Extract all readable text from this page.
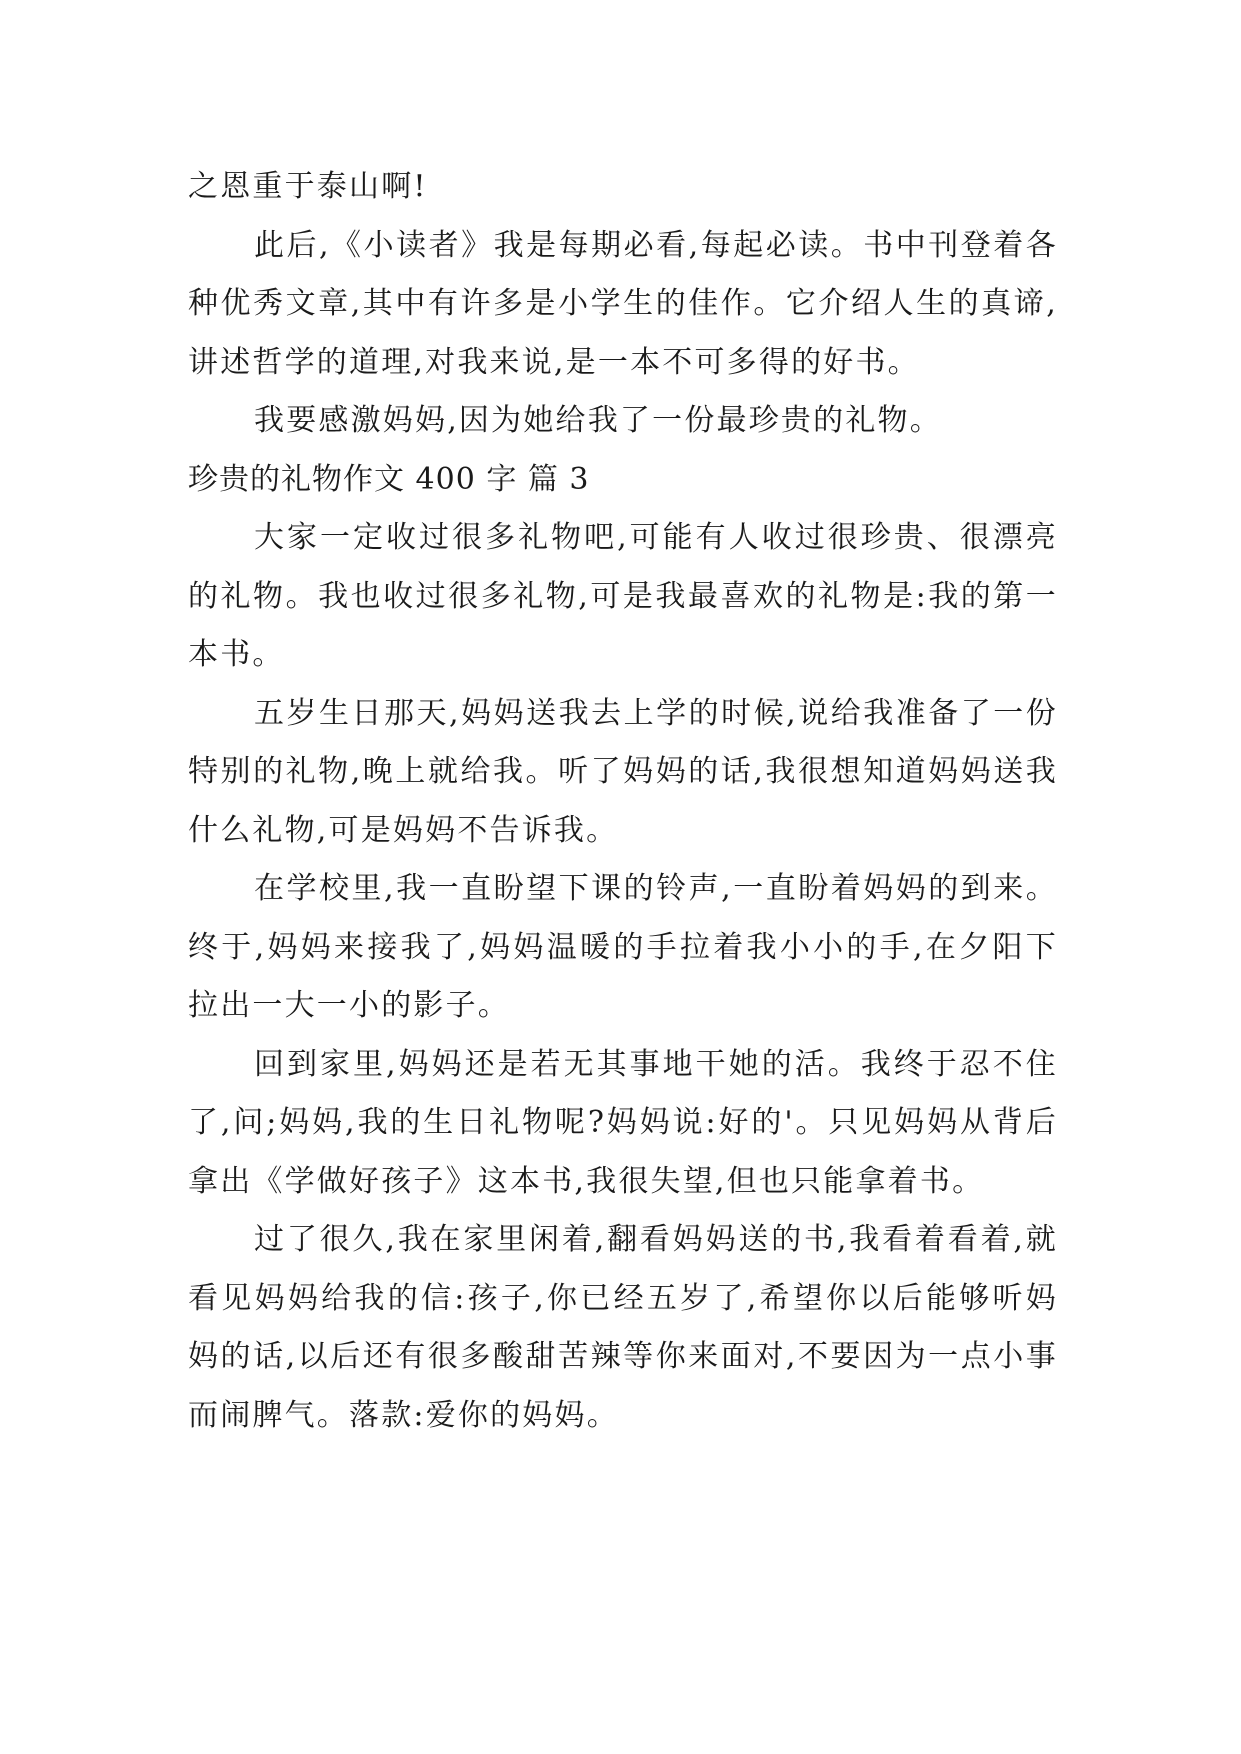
之恩重于泰山啊!

此后,《小读者》我是每期必看,每起必读。书中刊登着各种优秀文章,其中有许多是小学生的佳作。它介绍人生的真谛,讲述哲学的道理,对我来说,是一本不可多得的好书。

我要感激妈妈,因为她给我了一份最珍贵的礼物。

珍贵的礼物作文 400 字 篇 3

大家一定收过很多礼物吧,可能有人收过很珍贵、很漂亮的礼物。我也收过很多礼物,可是我最喜欢的礼物是:我的第一本书。

五岁生日那天,妈妈送我去上学的时候,说给我准备了一份特别的礼物,晚上就给我。听了妈妈的话,我很想知道妈妈送我什么礼物,可是妈妈不告诉我。

在学校里,我一直盼望下课的铃声,一直盼着妈妈的到来。终于,妈妈来接我了,妈妈温暖的手拉着我小小的手,在夕阳下拉出一大一小的影子。

回到家里,妈妈还是若无其事地干她的活。我终于忍不住了,问;妈妈,我的生日礼物呢?妈妈说:好的'。只见妈妈从背后拿出《学做好孩子》这本书,我很失望,但也只能拿着书。

过了很久,我在家里闲着,翻看妈妈送的书,我看着看着,就看见妈妈给我的信:孩子,你已经五岁了,希望你以后能够听妈妈的话,以后还有很多酸甜苦辣等你来面对,不要因为一点小事而闹脾气。落款:爱你的妈妈。
